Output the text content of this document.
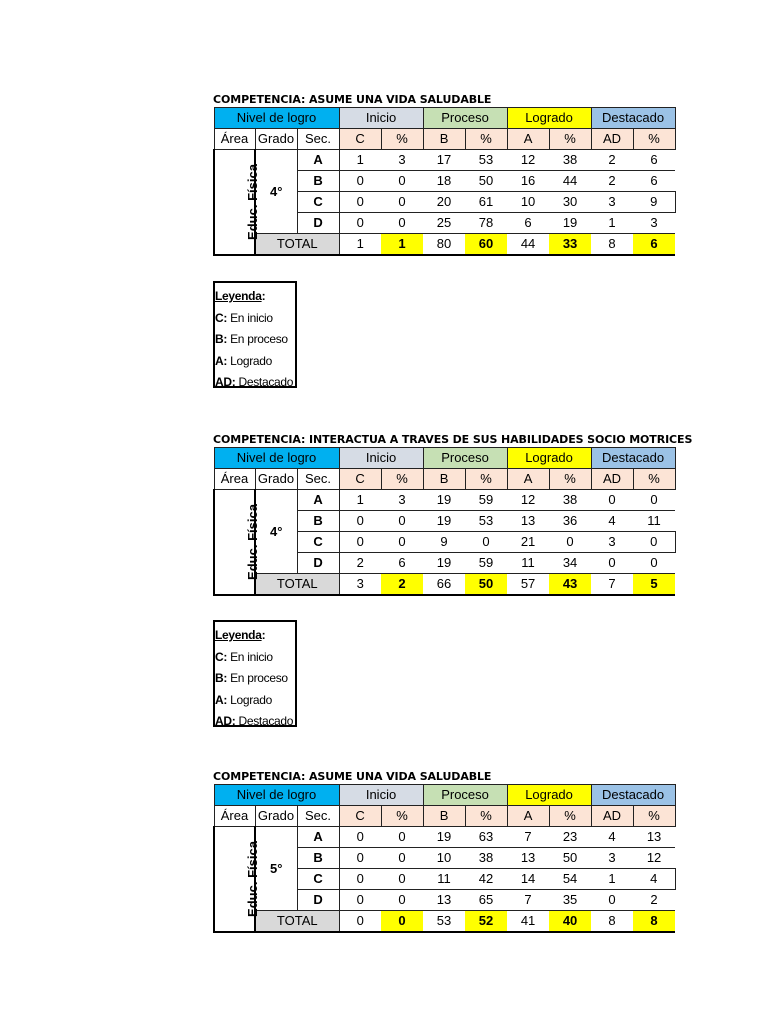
COMPETENCIA: ASUME UNA VIDA SALUDABLE
Nivel de logro			Inicio		Proceso		Logrado		Destacado	
Área	Grado	Sec.	C	%	B	%	A	%	AD	%
Educ. Física	4°	A	1	3	17	53	12	38	2	6
		B	0	0	18	50	16	44	2	6
		C	0	0	20	61	10	30	3	9
		D	0	0	25	78	6	19	1	3
	TOTAL		1	1	80	60	44	33	8	6
Leyenda:
C: En inicio
B: En proceso
A: Logrado
AD: Destacado
COMPETENCIA: INTERACTUA A TRAVES DE SUS HABILIDADES SOCIO MOTRICES
Nivel de logro			Inicio		Proceso		Logrado		Destacado	
Área	Grado	Sec.	C	%	B	%	A	%	AD	%
Educ. Física	4°	A	1	3	19	59	12	38	0	0
		B	0	0	19	53	13	36	4	11
		C	0	0	9	0	21	0	3	0
		D	2	6	19	59	11	34	0	0
	TOTAL		3	2	66	50	57	43	7	5
Leyenda:
C: En inicio
B: En proceso
A: Logrado
AD: Destacado
COMPETENCIA: ASUME UNA VIDA SALUDABLE
Nivel de logro			Inicio		Proceso		Logrado		Destacado	
Área	Grado	Sec.	C	%	B	%	A	%	AD	%
Educ. Física	5°	A	0	0	19	63	7	23	4	13
		B	0	0	10	38	13	50	3	12
		C	0	0	11	42	14	54	1	4
		D	0	0	13	65	7	35	0	2
	TOTAL		0	0	53	52	41	40	8	8
